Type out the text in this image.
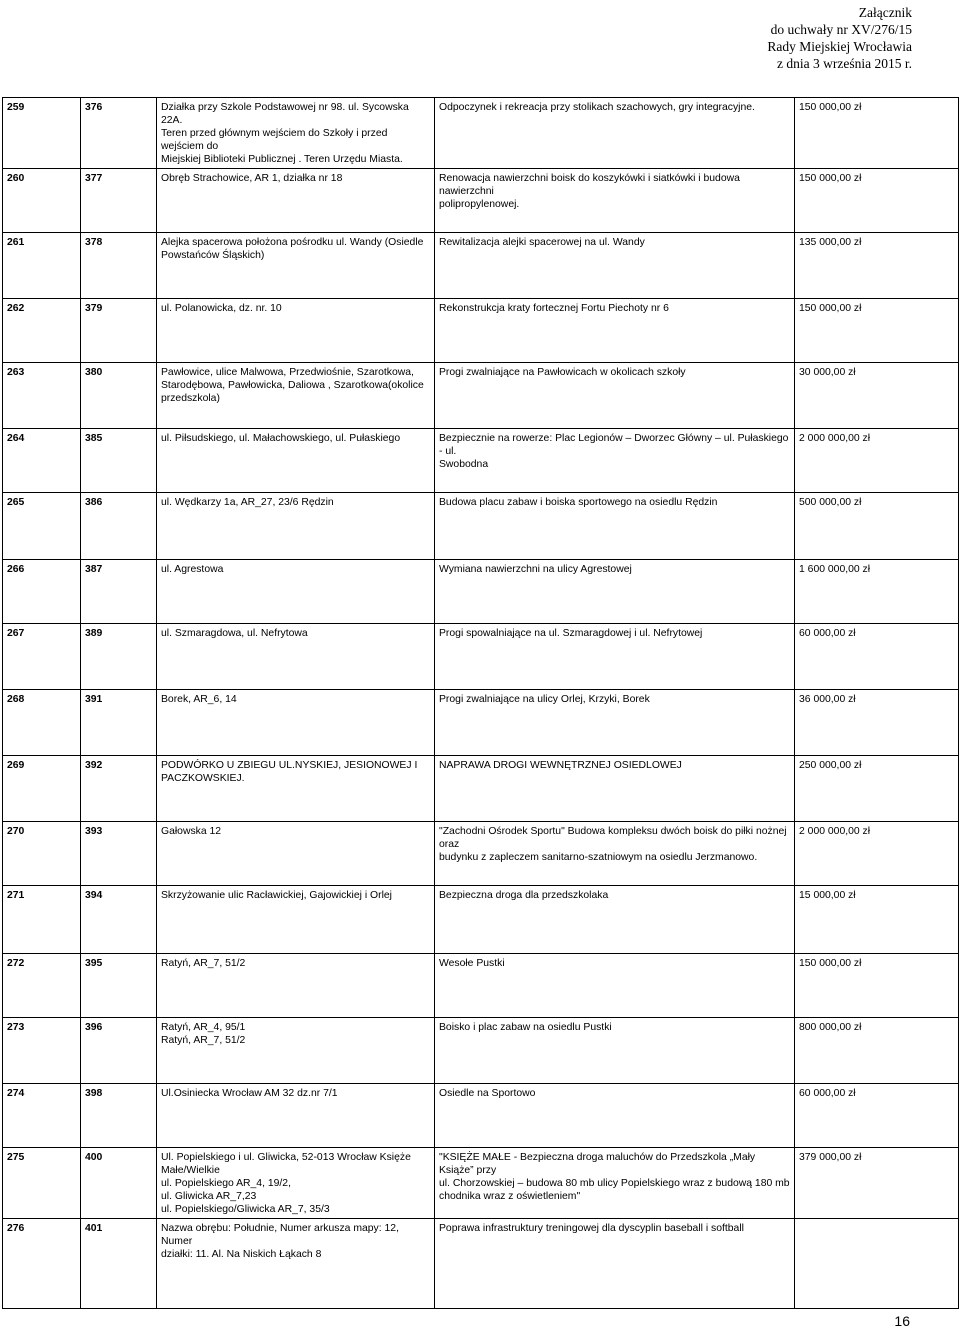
Załącznik
do uchwały nr XV/276/15
Rady Miejskiej Wrocławia
z dnia 3 września 2015 r.
259	376	Działka przy Szkole Podstawowej nr 98. ul. Sycowska 22A.
Teren przed głównym wejściem do Szkoły i przed wejściem do
Miejskiej Biblioteki Publicznej . Teren Urzędu Miasta.	Odpoczynek i rekreacja przy stolikach szachowych, gry integracyjne.	150 000,00 zł
260	377	Obręb Strachowice, AR 1, działka nr 18	Renowacja nawierzchni boisk do koszykówki i siatkówki i budowa nawierzchni
polipropylenowej.	150 000,00 zł
261	378	Alejka spacerowa położona pośrodku ul. Wandy (Osiedle
Powstańców Śląskich)	Rewitalizacja alejki spacerowej na ul. Wandy	135 000,00 zł
262	379	ul. Polanowicka, dz. nr. 10	Rekonstrukcja kraty fortecznej Fortu Piechoty nr 6	150 000,00 zł
263	380	Pawłowice, ulice Malwowa, Przedwiośnie, Szarotkowa,
Starodębowa, Pawłowicka, Daliowa , Szarotkowa(okolice
przedszkola)	Progi zwalniające na Pawłowicach w okolicach szkoły	30 000,00 zł
264	385	ul. Piłsudskiego, ul. Małachowskiego, ul. Pułaskiego	Bezpiecznie na rowerze: Plac Legionów – Dworzec Główny – ul. Pułaskiego - ul.
Swobodna	2 000 000,00 zł
265	386	ul. Wędkarzy 1a, AR_27, 23/6 Rędzin	Budowa placu zabaw i boiska sportowego na osiedlu Rędzin	500 000,00 zł
266	387	ul. Agrestowa	Wymiana nawierzchni na ulicy Agrestowej	1 600 000,00 zł
267	389	ul. Szmaragdowa, ul. Nefrytowa	Progi spowalniające na ul. Szmaragdowej i ul. Nefrytowej	60 000,00 zł
268	391	Borek, AR_6, 14	Progi zwalniające na ulicy Orlej, Krzyki, Borek	36 000,00 zł
269	392	PODWÓRKO U ZBIEGU UL.NYSKIEJ, JESIONOWEJ I
PACZKOWSKIEJ.	NAPRAWA DROGI WEWNĘTRZNEJ OSIEDLOWEJ	250 000,00 zł
270	393	Gałowska 12	"Zachodni Ośrodek Sportu" Budowa kompleksu dwóch boisk do piłki nożnej oraz
budynku z zapleczem sanitarno-szatniowym na osiedlu Jerzmanowo.	2 000 000,00 zł
271	394	Skrzyżowanie ulic Racławickiej, Gajowickiej i Orlej	Bezpieczna droga dla przedszkolaka	15 000,00 zł
272	395	Ratyń, AR_7, 51/2	Wesołe Pustki	150 000,00 zł
273	396	Ratyń, AR_4, 95/1
Ratyń, AR_7, 51/2	Boisko i plac zabaw na osiedlu Pustki	800 000,00 zł
274	398	Ul.Osiniecka Wrocław AM 32 dz.nr 7/1	Osiedle na Sportowo	60 000,00 zł
275	400	Ul. Popielskiego i ul. Gliwicka, 52-013 Wrocław Księże
Małe/Wielkie
ul. Popielskiego AR_4, 19/2,
ul. Gliwicka AR_7,23
ul. Popielskiego/Gliwicka AR_7, 35/3	"KSIĘŻE MAŁE - Bezpieczna droga maluchów do Przedszkola „Mały Książe” przy
ul. Chorzowskiej – budowa 80 mb ulicy Popielskiego wraz z budową 180 mb
chodnika wraz z oświetleniem"	379 000,00 zł
276	401	Nazwa obrębu: Południe, Numer arkusza mapy: 12, Numer
działki: 11. Al. Na Niskich Łąkach 8	Poprawa infrastruktury treningowej dla dyscyplin baseball i softball	

16
